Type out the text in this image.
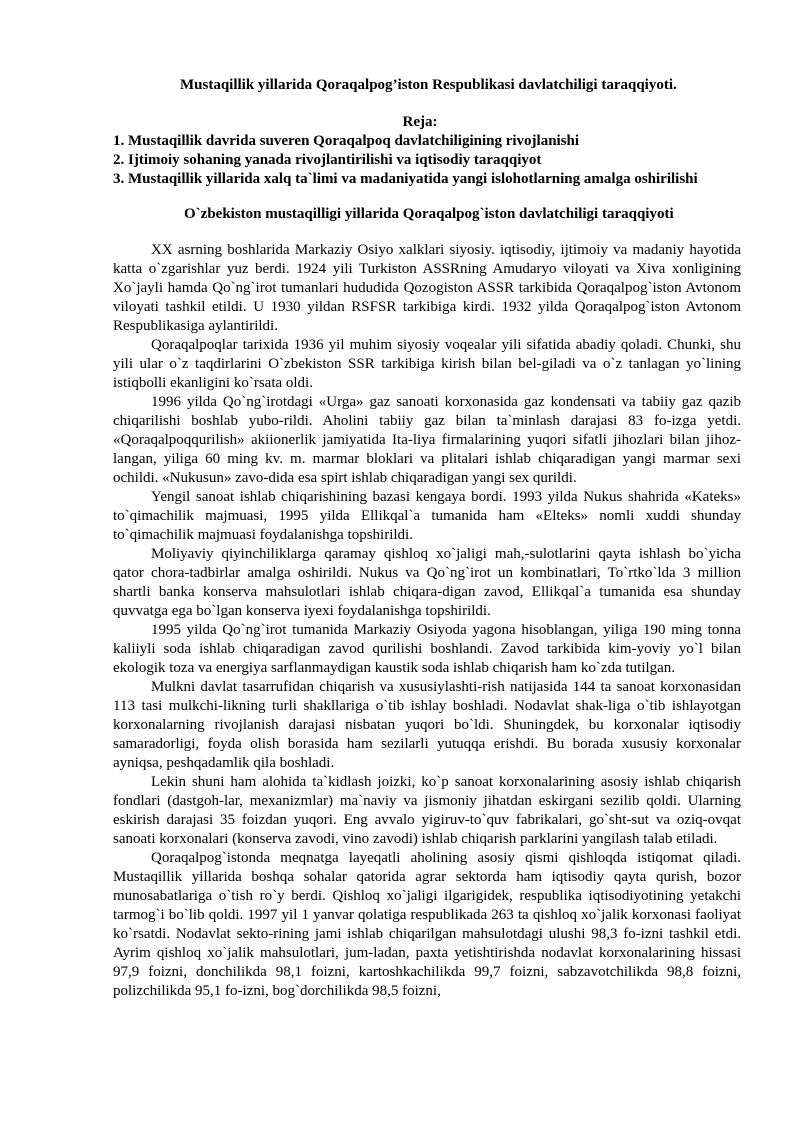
Mustaqillik yillarida Qoraqalpog’iston Respublikasi davlatchiligi taraqqiyoti.
Reja:
1. Mustaqillik davrida suveren Qoraqalpoq davlatchiligining rivojlanishi
2. Ijtimoiy sohaning yanada rivojlantirilishi va iqtisodiy taraqqiyot
3. Mustaqillik yillarida xalq ta`limi va madaniyatida yangi islohotlarning amalga oshirilishi
O`zbekiston mustaqilligi yillarida Qoraqalpog`iston davlatchiligi taraqqiyoti

XX asrning boshlarida Markaziy Osiyo xalklari siyosiy. iqtisodiy, ijtimoiy va madaniy hayotida katta o`zgarishlar yuz berdi. 1924 yili Turkiston ASSRning Amudaryo viloyati va Xiva xonligining Xo`jayli hamda Qo`ng`irot tumanlari hududida Qozogiston ASSR tarkibida Qoraqalpog`iston Avtonom viloyati tashkil etildi. U 1930 yildan RSFSR tarkibiga kirdi. 1932 yilda Qoraqalpog`iston Avtonom Respublikasiga aylantirildi.

Qoraqalpoqlar tarixida 1936 yil muhim siyosiy voqealar yili sifatida abadiy qoladi. Chunki, shu yili ular o`z taqdirlarini O`zbekiston SSR tarkibiga kirish bilan bel-giladi va o`z tanlagan yo`lining istiqbolli ekanligini ko`rsata oldi.

1996 yilda Qo`ng`irotdagi «Urga» gaz sanoati korxonasida gaz kondensati va tabiiy gaz qazib chiqarilishi boshlab yubo-rildi. Aholini tabiiy gaz bilan ta`minlash darajasi 83 fo-izga yetdi. «Qoraqalpoqqurilish» akiionerlik jamiyatida Ita-liya firmalarining yuqori sifatli jihozlari bilan jihoz-langan, yiliga 60 ming kv. m. marmar bloklari va plitalari ishlab chiqaradigan yangi marmar sexi ochildi. «Nukusun» zavo-dida esa spirt ishlab chiqaradigan yangi sex qurildi.

Yengil sanoat ishlab chiqarishining bazasi kengaya bordi. 1993 yilda Nukus shahrida «Kateks» to`qimachilik majmuasi, 1995 yilda Ellikqal`a tumanida ham «Elteks» nomli xuddi shunday to`qimachilik majmuasi foydalanishga topshirildi.

Moliyaviy qiyinchiliklarga qaramay qishloq xo`jaligi mah,-sulotlarini qayta ishlash bo`yicha qator chora-tadbirlar amalga oshirildi. Nukus va Qo`ng`irot un kombinatlari, To`rtko`lda 3 million shartli banka konserva mahsulotlari ishlab chiqara-digan zavod, Ellikqal`a tumanida esa shunday quvvatga ega bo`lgan konserva iyexi foydalanishga topshirildi.

1995 yilda Qo`ng`irot tumanida Markaziy Osiyoda yagona hisoblangan, yiliga 190 ming tonna kaliiyli soda ishlab chiqaradigan zavod qurilishi boshlandi. Zavod tarkibida kim-yoviy yo`l bilan ekologik toza va energiya sarflanmaydigan kaustik soda ishlab chiqarish ham ko`zda tutilgan.

Mulkni davlat tasarrufidan chiqarish va xususiylashti-rish natijasida 144 ta sanoat korxonasidan 113 tasi mulkchi-likning turli shakllariga o`tib ishlay boshladi. Nodavlat shak-liga o`tib ishlayotgan korxonalarning rivojlanish darajasi nisbatan yuqori bo`ldi. Shuningdek, bu korxonalar iqtisodiy samaradorligi, foyda olish borasida ham sezilarli yutuqqa erishdi. Bu borada xususiy korxonalar ayniqsa, peshqadamlik qila boshladi.

Lekin shuni ham alohida ta`kidlash joizki, ko`p sanoat korxonalarining asosiy ishlab chiqarish fondlari (dastgoh-lar, mexanizmlar) ma`naviy va jismoniy jihatdan eskirgani sezilib qoldi. Ularning eskirish darajasi 35 foizdan yuqori. Eng avvalo yigiruv-to`quv fabrikalari, go`sht-sut va oziq-ovqat sanoati korxonalari (konserva zavodi, vino zavodi) ishlab chiqarish parklarini yangilash talab etiladi.

Qoraqalpog`istonda meqnatga layeqatli aholining asosiy qismi qishloqda istiqomat qiladi. Mustaqillik yillarida boshqa sohalar qatorida agrar sektorda ham iqtisodiy qayta qurish, bozor munosabatlariga o`tish ro`y berdi. Qishloq xo`jaligi ilgarigidek, respublika iqtisodiyotining yetakchi tarmog`i bo`lib qoldi. 1997 yil 1 yanvar qolatiga respublikada 263 ta qishloq xo`jalik korxonasi faoliyat ko`rsatdi. Nodavlat sekto-rining jami ishlab chiqarilgan mahsulotdagi ulushi 98,3 fo-izni tashkil etdi. Ayrim qishloq xo`jalik mahsulotlari, jum-ladan, paxta yetishtirishda nodavlat korxonalarining hissasi 97,9 foizni, donchilikda 98,1 foizni, kartoshkachilikda 99,7 foizni, sabzavotchilikda 98,8 foizni, polizchilikda 95,1 fo-izni, bog`dorchilikda 98,5 foizni,
